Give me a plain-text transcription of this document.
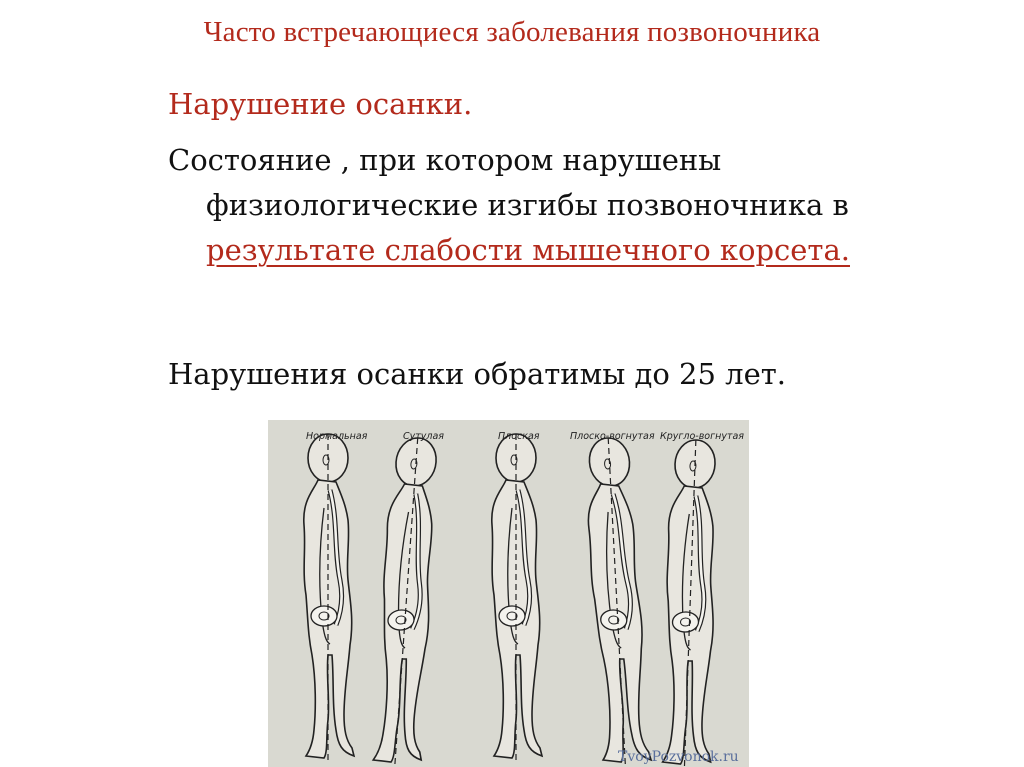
Часто встречающиеся заболевания позвоночника

Нарушение осанки.

Состояние , при котором нарушены физиологические изгибы позвоночника в результате слабости мышечного корсета.
Нарушения осанки обратимы до 25 лет.
Нормальная	Сутулая	Плоская	Плоско-вогнутая Кругло-вогнутая
TvoyPozvonok.ru
